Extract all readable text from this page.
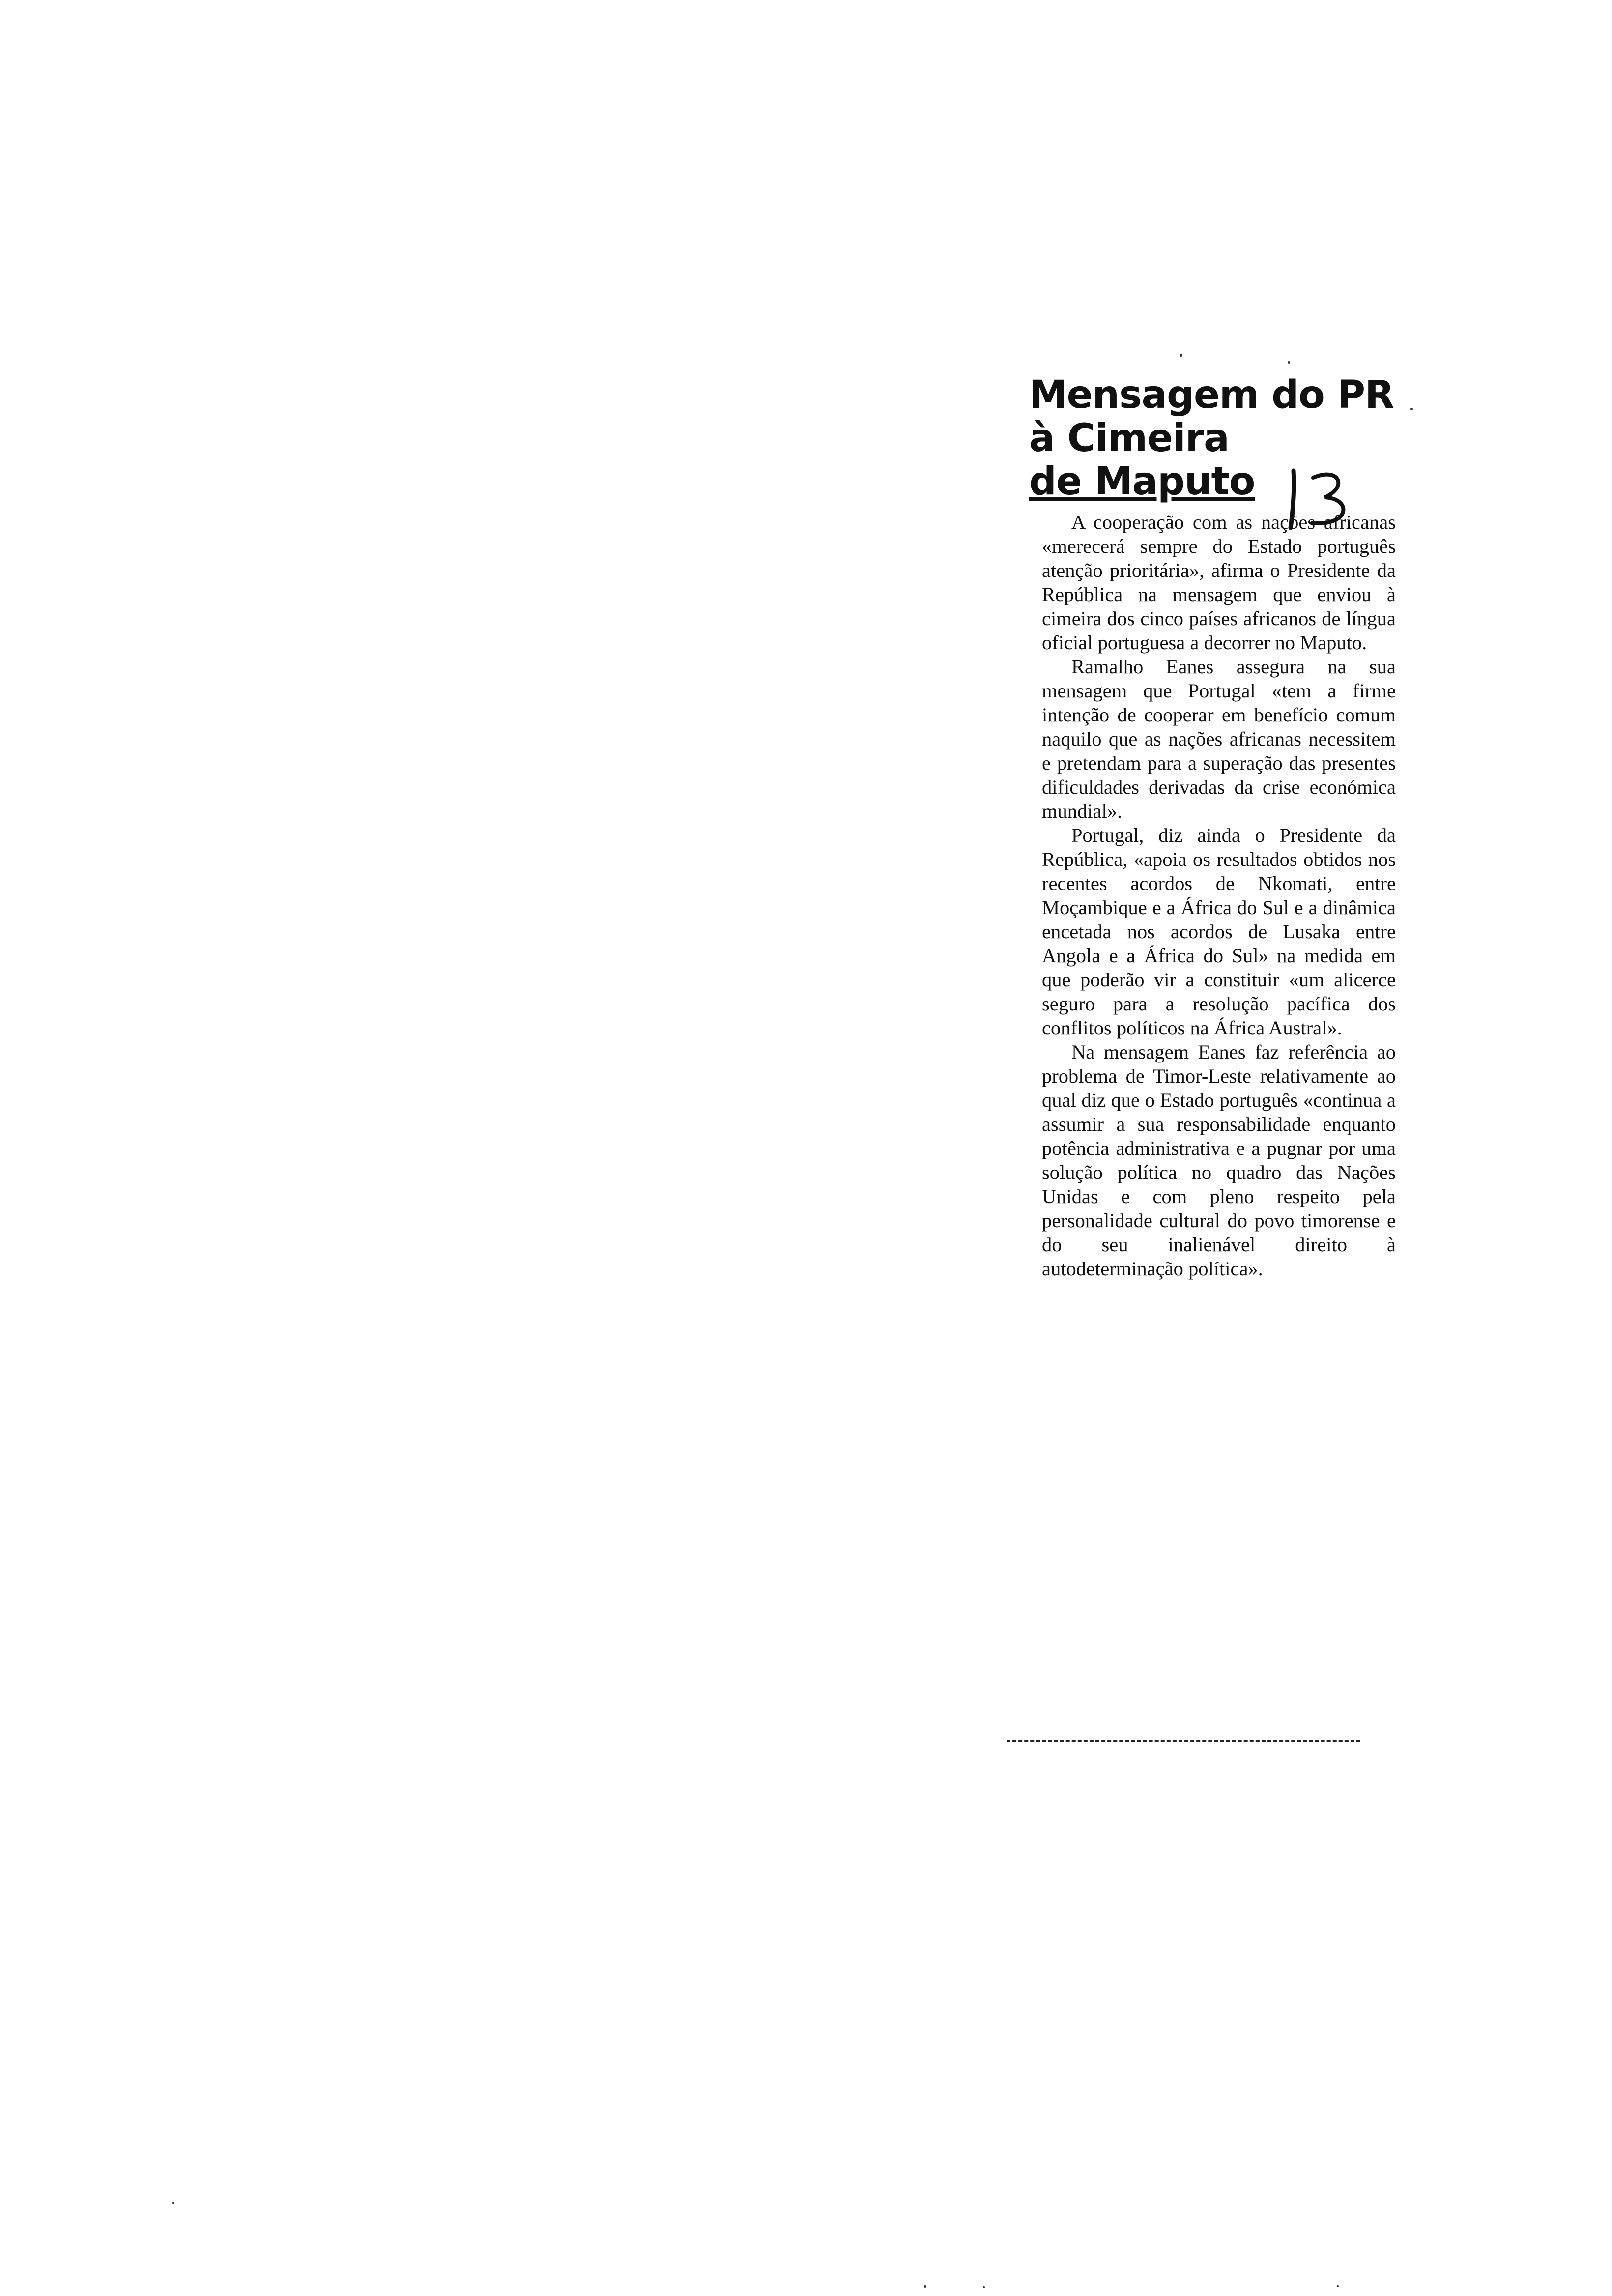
Mensagem do PR
à Cimeira
de Maputo

A cooperação com as nações africanas «merecerá sempre do Estado português atenção prioritária», afirma o Presidente da República na mensagem que enviou à cimeira dos cinco países africanos de língua oficial portuguesa a decorrer no Maputo.

Ramalho Eanes assegura na sua mensagem que Portugal «tem a firme intenção de cooperar em benefício comum naquilo que as nações africanas necessitem e pretendam para a superação das presentes dificuldades derivadas da crise económica mundial».

Portugal, diz ainda o Presidente da República, «apoia os resultados obtidos nos recentes acordos de Nkomati, entre Moçambique e a África do Sul e a dinâmica encetada nos acordos de Lusaka entre Angola e a África do Sul» na medida em que poderão vir a constituir «um alicerce seguro para a resolução pacífica dos conflitos políticos na África Austral».

Na mensagem Eanes faz referência ao problema de Timor-Leste relativamente ao qual diz que o Estado português «continua a assumir a sua responsabilidade enquanto potência administrativa e a pugnar por uma solução política no quadro das Nações Unidas e com pleno respeito pela personalidade cultural do povo timorense e do seu inalienável direito à autodeterminação política».
